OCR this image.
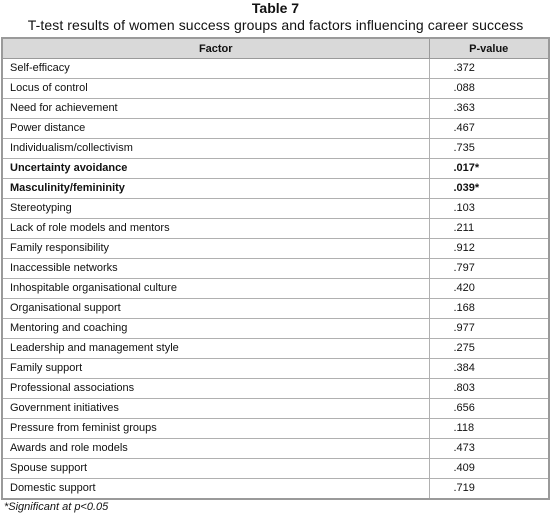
Table 7
T-test results of women success groups and factors influencing career success
Factor	P-value
Self-efficacy	.372
Locus of control	.088
Need for achievement	.363
Power distance	.467
Individualism/collectivism	.735
Uncertainty avoidance	.017*
Masculinity/femininity	.039*
Stereotyping	.103
Lack of role models and mentors	.211
Family responsibility	.912
Inaccessible networks	.797
Inhospitable organisational culture	.420
Organisational support	.168
Mentoring and coaching	.977
Leadership and management style	.275
Family support	.384
Professional associations	.803
Government initiatives	.656
Pressure from feminist groups	.118
Awards and role models	.473
Spouse support	.409
Domestic support	.719
*Significant at p<0.05
